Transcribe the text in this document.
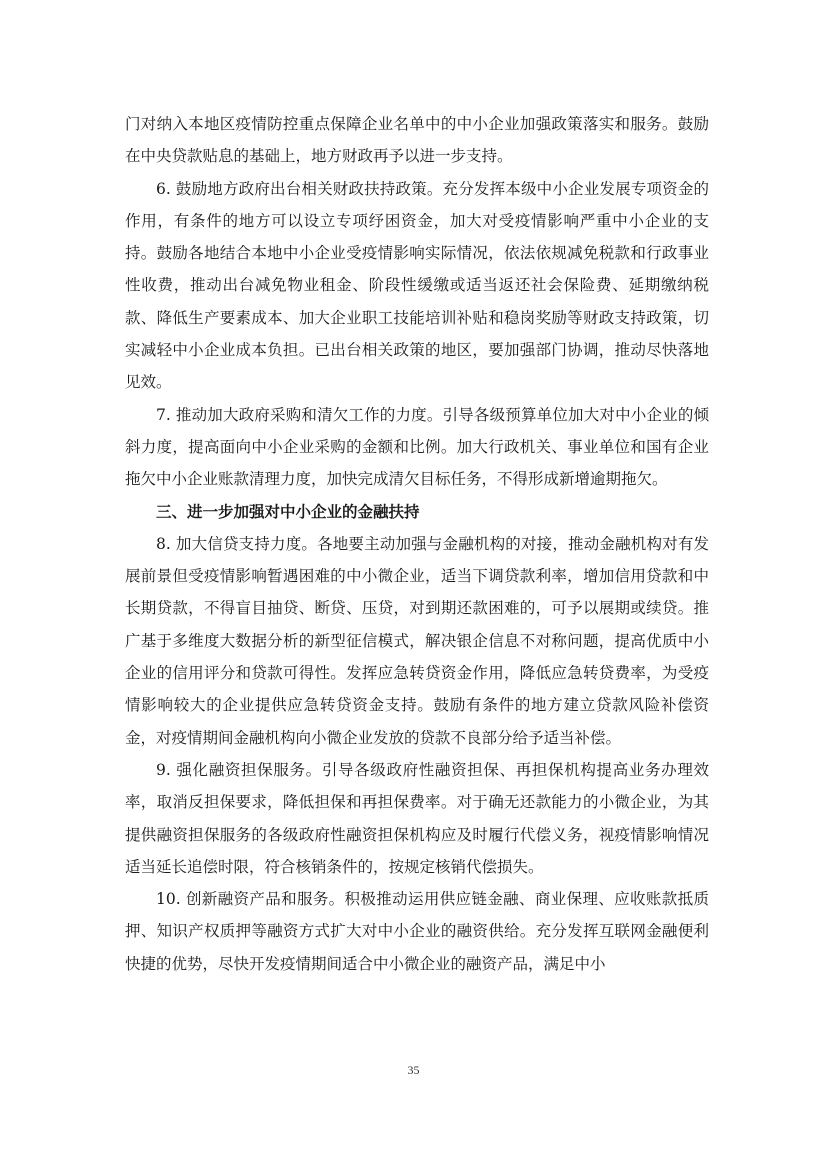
门对纳入本地区疫情防控重点保障企业名单中的中小企业加强政策落实和服务。鼓励在中央贷款贴息的基础上，地方财政再予以进一步支持。

6. 鼓励地方政府出台相关财政扶持政策。充分发挥本级中小企业发展专项资金的作用，有条件的地方可以设立专项纾困资金，加大对受疫情影响严重中小企业的支持。鼓励各地结合本地中小企业受疫情影响实际情况，依法依规减免税款和行政事业性收费，推动出台减免物业租金、阶段性缓缴或适当返还社会保险费、延期缴纳税款、降低生产要素成本、加大企业职工技能培训补贴和稳岗奖励等财政支持政策，切实减轻中小企业成本负担。已出台相关政策的地区，要加强部门协调，推动尽快落地见效。

7. 推动加大政府采购和清欠工作的力度。引导各级预算单位加大对中小企业的倾斜力度，提高面向中小企业采购的金额和比例。加大行政机关、事业单位和国有企业拖欠中小企业账款清理力度，加快完成清欠目标任务，不得形成新增逾期拖欠。

三、进一步加强对中小企业的金融扶持

8. 加大信贷支持力度。各地要主动加强与金融机构的对接，推动金融机构对有发展前景但受疫情影响暂遇困难的中小微企业，适当下调贷款利率，增加信用贷款和中长期贷款，不得盲目抽贷、断贷、压贷，对到期还款困难的，可予以展期或续贷。推广基于多维度大数据分析的新型征信模式，解决银企信息不对称问题，提高优质中小企业的信用评分和贷款可得性。发挥应急转贷资金作用，降低应急转贷费率，为受疫情影响较大的企业提供应急转贷资金支持。鼓励有条件的地方建立贷款风险补偿资金，对疫情期间金融机构向小微企业发放的贷款不良部分给予适当补偿。

9. 强化融资担保服务。引导各级政府性融资担保、再担保机构提高业务办理效率，取消反担保要求，降低担保和再担保费率。对于确无还款能力的小微企业，为其提供融资担保服务的各级政府性融资担保机构应及时履行代偿义务，视疫情影响情况适当延长追偿时限，符合核销条件的，按规定核销代偿损失。

10. 创新融资产品和服务。积极推动运用供应链金融、商业保理、应收账款抵质押、知识产权质押等融资方式扩大对中小企业的融资供给。充分发挥互联网金融便利快捷的优势，尽快开发疫情期间适合中小微企业的融资产品，满足中小

35
